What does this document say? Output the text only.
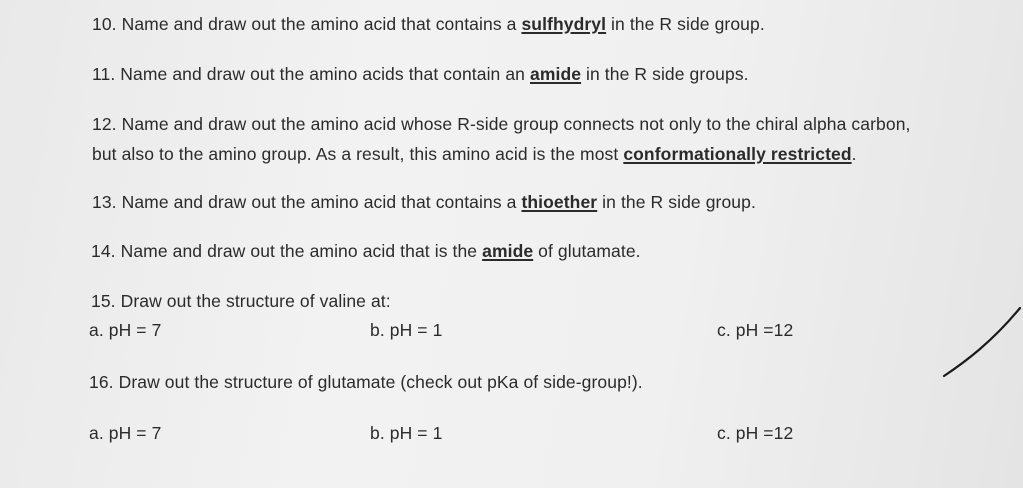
10. Name and draw out the amino acid that contains a sulfhydryl in the R side group.
11. Name and draw out the amino acids that contain an amide in the R side groups.
12. Name and draw out the amino acid whose R-side group connects not only to the chiral alpha carbon,
but also to the amino group. As a result, this amino acid is the most conformationally restricted.
13. Name and draw out the amino acid that contains a thioether in the R side group.
14. Name and draw out the amino acid that is the amide of glutamate.
15. Draw out the structure of valine at:
a. pH = 7	b. pH = 1	c. pH =12
16. Draw out the structure of glutamate (check out pKa of side-group!).
a. pH = 7	b. pH = 1	c. pH =12
